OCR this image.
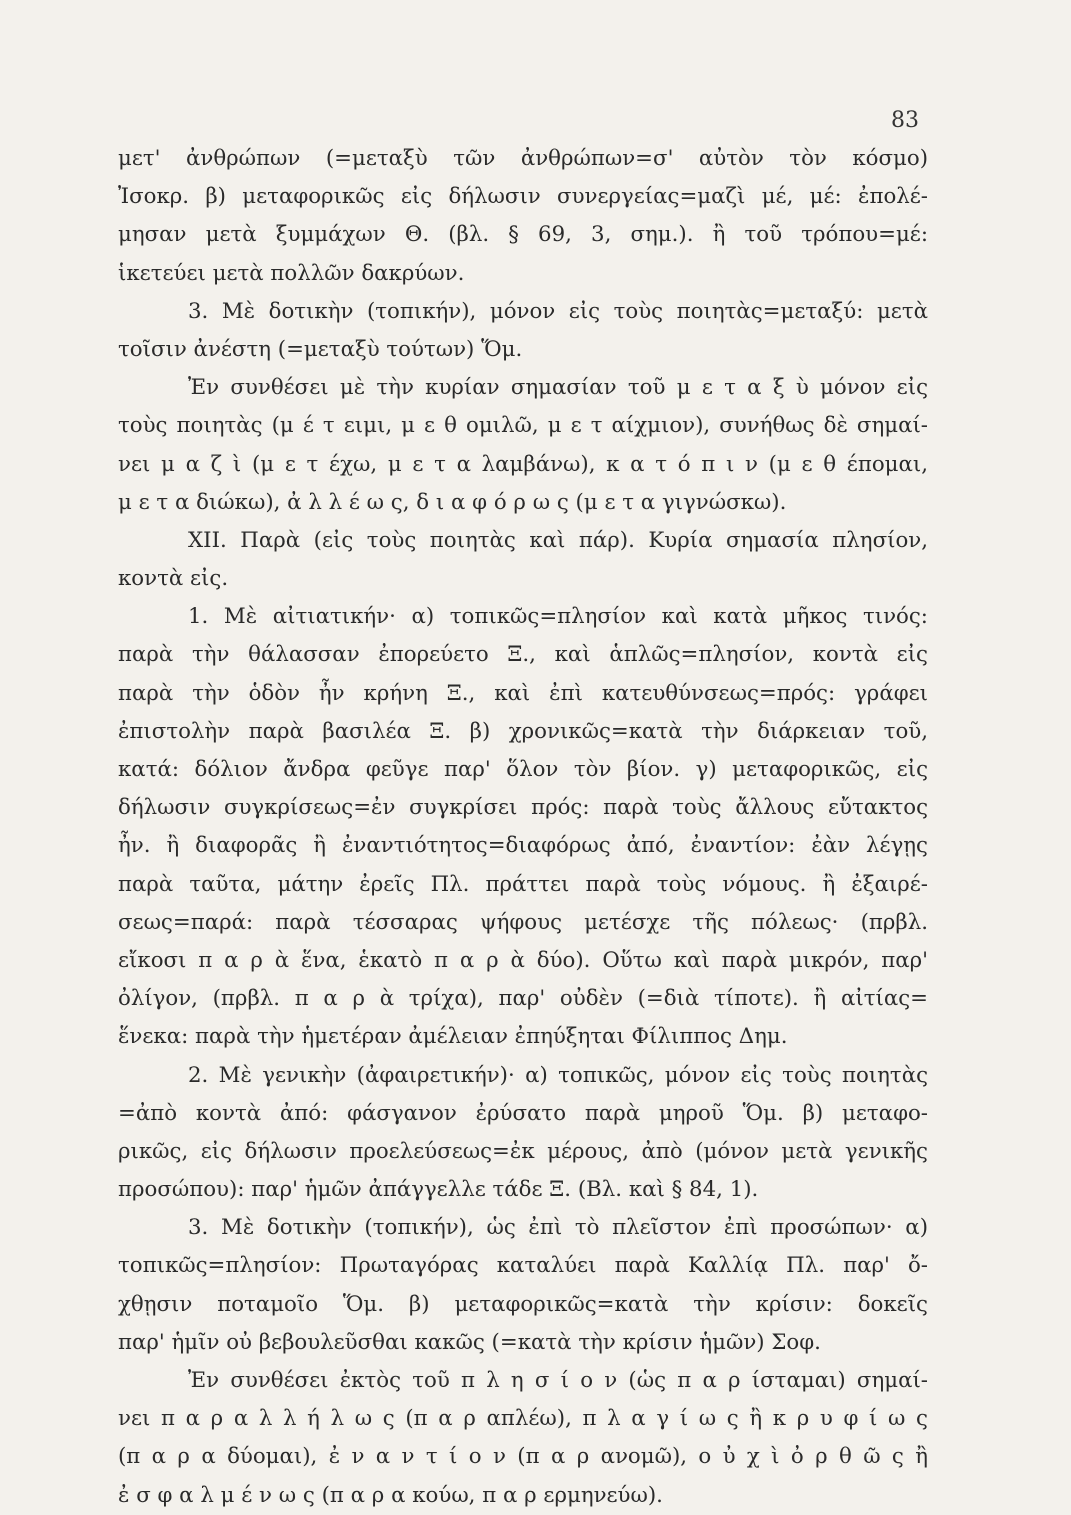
83
μετ' ἀνθρώπων (=μεταξὺ τῶν ἀνθρώπων=σ' αὐτὸν τὸν κόσμο)
Ἰσοκρ. β) μεταφορικῶς εἰς δήλωσιν συνεργείας=μαζὶ μέ, μέ: ἐπολέ-
μησαν μετὰ ξυμμάχων Θ. (βλ. § 69, 3, σημ.). ἢ τοῦ τρόπου=μέ:
ἱκετεύει μετὰ πολλῶν δακρύων.
3. Μὲ δοτικὴν (τοπικήν), μόνον εἰς τοὺς ποιητὰς=μεταξύ: μετὰ
τοῖσιν ἀνέστη (=μεταξὺ τούτων) Ὅμ.
Ἐν συνθέσει μὲ τὴν κυρίαν σημασίαν τοῦ μ ε τ α ξ ὺ μόνον εἰς
τοὺς ποιητὰς (μ έ τ ειμι, μ ε θ ομιλῶ, μ ε τ αίχμιον), συνήθως δὲ σημαί-
νει μ α ζ ὶ (μ ε τ έχω, μ ε τ α λαμβάνω), κ α τ ό π ι ν (μ ε θ έπομαι,
μ ε τ α διώκω), ἀ λ λ έ ω ς, δ ι α φ ό ρ ω ς (μ ε τ α γιγνώσκω).
XII. Παρὰ (εἰς τοὺς ποιητὰς καὶ πάρ). Κυρία σημασία πλησίον,
κοντὰ εἰς.
1. Μὲ αἰτιατικήν· α) τοπικῶς=πλησίον καὶ κατὰ μῆκος τινός:
παρὰ τὴν θάλασσαν ἐπορεύετο Ξ., καὶ ἁπλῶς=πλησίον, κοντὰ εἰς
παρὰ τὴν ὁδὸν ἦν κρήνη Ξ., καὶ ἐπὶ κατευθύνσεως=πρός: γράφει
ἐπιστολὴν παρὰ βασιλέα Ξ. β) χρονικῶς=κατὰ τὴν διάρκειαν τοῦ,
κατά: δόλιον ἄνδρα φεῦγε παρ' ὅλον τὸν βίον. γ) μεταφορικῶς, εἰς
δήλωσιν συγκρίσεως=ἐν συγκρίσει πρός: παρὰ τοὺς ἄλλους εὔτακτος
ἦν. ἢ διαφορᾶς ἢ ἐναντιότητος=διαφόρως ἀπό, ἐναντίον: ἐὰν λέγῃς
παρὰ ταῦτα, μάτην ἐρεῖς Πλ. πράττει παρὰ τοὺς νόμους. ἢ ἐξαιρέ-
σεως=παρά: παρὰ τέσσαρας ψήφους μετέσχε τῆς πόλεως· (πρβλ.
εἴκοσι π α ρ ὰ ἕνα, ἑκατὸ π α ρ ὰ δύο). Οὕτω καὶ παρὰ μικρόν, παρ'
ὀλίγον, (πρβλ. π α ρ ὰ τρίχα), παρ' οὐδὲν (=διὰ τίποτε). ἢ αἰτίας=
ἕνεκα: παρὰ τὴν ἡμετέραν ἀμέλειαν ἐπηύξηται Φίλιππος Δημ.
2. Μὲ γενικὴν (ἀφαιρετικήν)· α) τοπικῶς, μόνον εἰς τοὺς ποιητὰς
=ἀπὸ κοντὰ ἀπό: φάσγανον ἐρύσατο παρὰ μηροῦ Ὅμ. β) μεταφο-
ρικῶς, εἰς δήλωσιν προελεύσεως=ἐκ μέρους, ἀπὸ (μόνον μετὰ γενικῆς
προσώπου): παρ' ἡμῶν ἀπάγγελλε τάδε Ξ. (Βλ. καὶ § 84, 1).
3. Μὲ δοτικὴν (τοπικήν), ὡς ἐπὶ τὸ πλεῖστον ἐπὶ προσώπων· α)
τοπικῶς=πλησίον: Πρωταγόρας καταλύει παρὰ Καλλίᾳ Πλ. παρ' ὄ-
χθῃσιν ποταμοῖο Ὅμ. β) μεταφορικῶς=κατὰ τὴν κρίσιν: δοκεῖς
παρ' ἡμῖν οὐ βεβουλεῦσθαι κακῶς (=κατὰ τὴν κρίσιν ἡμῶν) Σοφ.
Ἐν συνθέσει ἐκτὸς τοῦ π λ η σ ί ο ν (ὡς π α ρ ίσταμαι) σημαί-
νει π α ρ α λ λ ή λ ω ς (π α ρ απλέω), π λ α γ ί ω ς ἢ κ ρ υ φ ί ω ς
(π α ρ α δύομαι), ἐ ν α ν τ ί ο ν (π α ρ ανομῶ), ο ὐ χ ὶ ὀ ρ θ ῶ ς ἢ
ἐ σ φ α λ μ έ ν ω ς (π α ρ α κούω, π α ρ ερμηνεύω).
